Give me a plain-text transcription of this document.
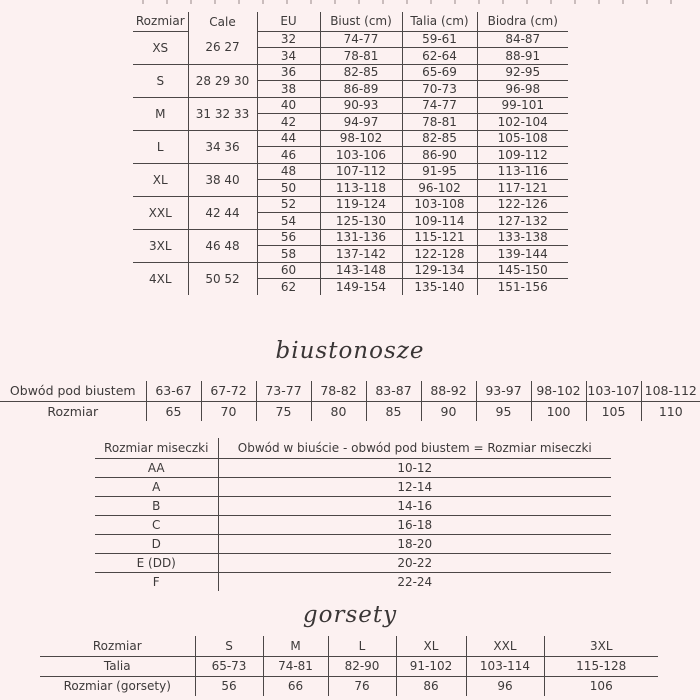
Rozmiar	Cale	EU	Biust (cm)	Talia (cm)	Biodra (cm)
XS	26 27	32	74-77	59-61	84-87
		34	78-81	62-64	88-91
S	28 29 30	36	82-85	65-69	92-95
		38	86-89	70-73	96-98
M	31 32 33	40	90-93	74-77	99-101
		42	94-97	78-81	102-104
L	34 36	44	98-102	82-85	105-108
		46	103-106	86-90	109-112
XL	38 40	48	107-112	91-95	113-116
		50	113-118	96-102	117-121
XXL	42 44	52	119-124	103-108	122-126
		54	125-130	109-114	127-132
3XL	46 48	56	131-136	115-121	133-138
		58	137-142	122-128	139-144
4XL	50 52	60	143-148	129-134	145-150
		62	149-154	135-140	151-156
biustonosze
Obwód pod biustem	63-67	67-72	73-77	78-82	83-87	88-92	93-97	98-102	103-107	108-112
Rozmiar	65	70	75	80	85	90	95	100	105	110
Rozmiar miseczki	Obwód w biuście - obwód pod biustem = Rozmiar miseczki
AA	10-12
A	12-14
B	14-16
C	16-18
D	18-20
E (DD)	20-22
F	22-24
gorsety
Rozmiar	S	M	L	XL	XXL	3XL
Talia	65-73	74-81	82-90	91-102	103-114	115-128
Rozmiar (gorsety)	56	66	76	86	96	106
